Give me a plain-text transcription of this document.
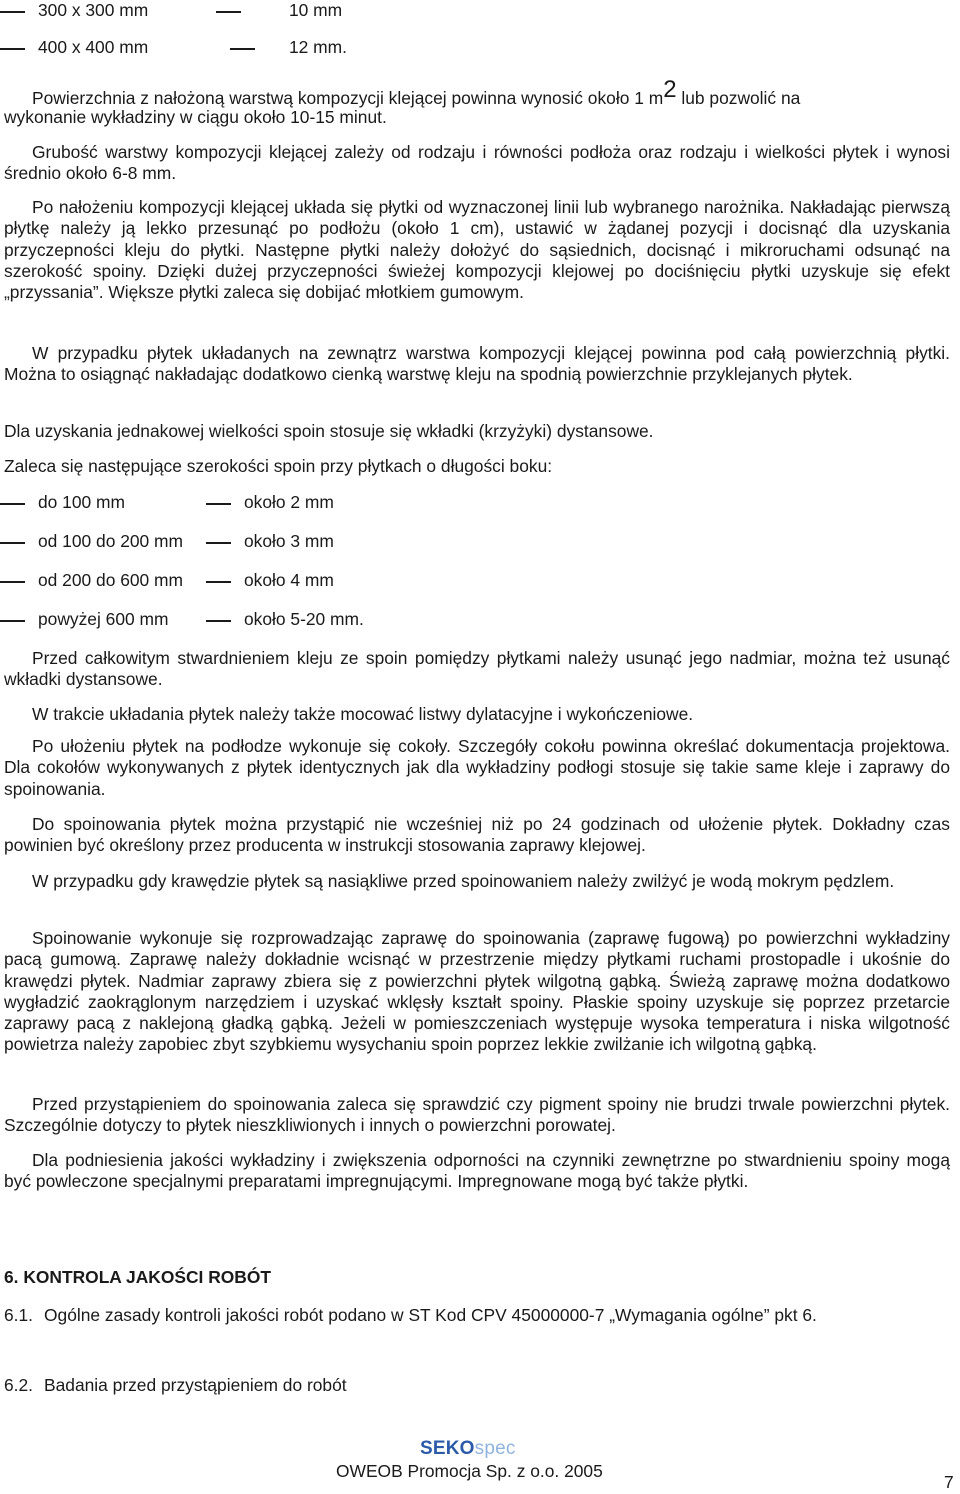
300 x 300 mm	10 mm
400 x 400 mm	12 mm.
Powierzchnia z nałożoną warstwą kompozycji klejącej powinna wynosić około 1 m2 lub pozwolić na
wykonanie wykładziny w ciągu około 10-15 minut.

Grubość warstwy kompozycji klejącej zależy od rodzaju i równości podłoża oraz rodzaju i wielkości płytek i wynosi średnio około 6-8 mm.

Po nałożeniu kompozycji klejącej układa się płytki od wyznaczonej linii lub wybranego narożnika. Nakładając pierwszą płytkę należy ją lekko przesunąć po podłożu (około 1 cm), ustawić w żądanej pozycji i docisnąć dla uzyskania przyczepności kleju do płytki. Następne płytki należy dołożyć do sąsiednich, docisnąć i mikroruchami odsunąć na szerokość spoiny. Dzięki dużej przyczepności świeżej kompozycji klejowej po dociśnięciu płytki uzyskuje się efekt „przyssania”. Większe płytki zaleca się dobijać młotkiem gumowym.

W przypadku płytek układanych na zewnątrz warstwa kompozycji klejącej powinna pod całą powierzchnią płytki. Można to osiągnąć nakładając dodatkowo cienką warstwę kleju na spodnią powierzchnie przyklejanych płytek.

Dla uzyskania jednakowej wielkości spoin stosuje się wkładki (krzyżyki) dystansowe.

Zaleca się następujące szerokości spoin przy płytkach o długości boku:

do 100 mm	około 2 mm
od 100 do 200 mm	około 3 mm
od 200 do 600 mm	około 4 mm
powyżej 600 mm	około 5-20 mm.

Przed całkowitym stwardnieniem kleju ze spoin pomiędzy płytkami należy usunąć jego nadmiar, można też usunąć wkładki dystansowe.

W trakcie układania płytek należy także mocować listwy dylatacyjne i wykończeniowe.

Po ułożeniu płytek na podłodze wykonuje się cokoły. Szczegóły cokołu powinna określać dokumentacja projektowa. Dla cokołów wykonywanych z płytek identycznych jak dla wykładziny podłogi stosuje się takie same kleje i zaprawy do spoinowania.

Do spoinowania płytek można przystąpić nie wcześniej niż po 24 godzinach od ułożenie płytek. Dokładny czas powinien być określony przez producenta w instrukcji stosowania zaprawy klejowej.

W przypadku gdy krawędzie płytek są nasiąkliwe przed spoinowaniem należy zwilżyć je wodą mokrym pędzlem.

Spoinowanie wykonuje się rozprowadzając zaprawę do spoinowania (zaprawę fugową) po powierzchni wykładziny pacą gumową. Zaprawę należy dokładnie wcisnąć w przestrzenie między płytkami ruchami prostopadle i ukośnie do krawędzi płytek. Nadmiar zaprawy zbiera się z powierzchni płytek wilgotną gąbką. Świeżą zaprawę można dodatkowo wygładzić zaokrąglonym narzędziem i uzyskać wklęsły kształt spoiny. Płaskie spoiny uzyskuje się poprzez przetarcie zaprawy pacą z naklejoną gładką gąbką. Jeżeli w pomieszczeniach występuje wysoka temperatura i niska wilgotność powietrza należy zapobiec zbyt szybkiemu wysychaniu spoin poprzez lekkie zwilżanie ich wilgotną gąbką.

Przed przystąpieniem do spoinowania zaleca się sprawdzić czy pigment spoiny nie brudzi trwale powierzchni płytek. Szczególnie dotyczy to płytek nieszkliwionych i innych o powierzchni porowatej.

Dla podniesienia jakości wykładziny i zwiększenia odporności na czynniki zewnętrzne po stwardnieniu spoiny mogą być powleczone specjalnymi preparatami impregnującymi. Impregnowane mogą być także płytki.

6. KONTROLA JAKOŚCI ROBÓT
6.1. Ogólne zasady kontroli jakości robót podano w ST Kod CPV 45000000-7 „Wymagania ogólne” pkt 6.
6.2. Badania przed przystąpieniem do robót
SEKOspec
OWEOB Promocja Sp. z o.o. 2005
7
